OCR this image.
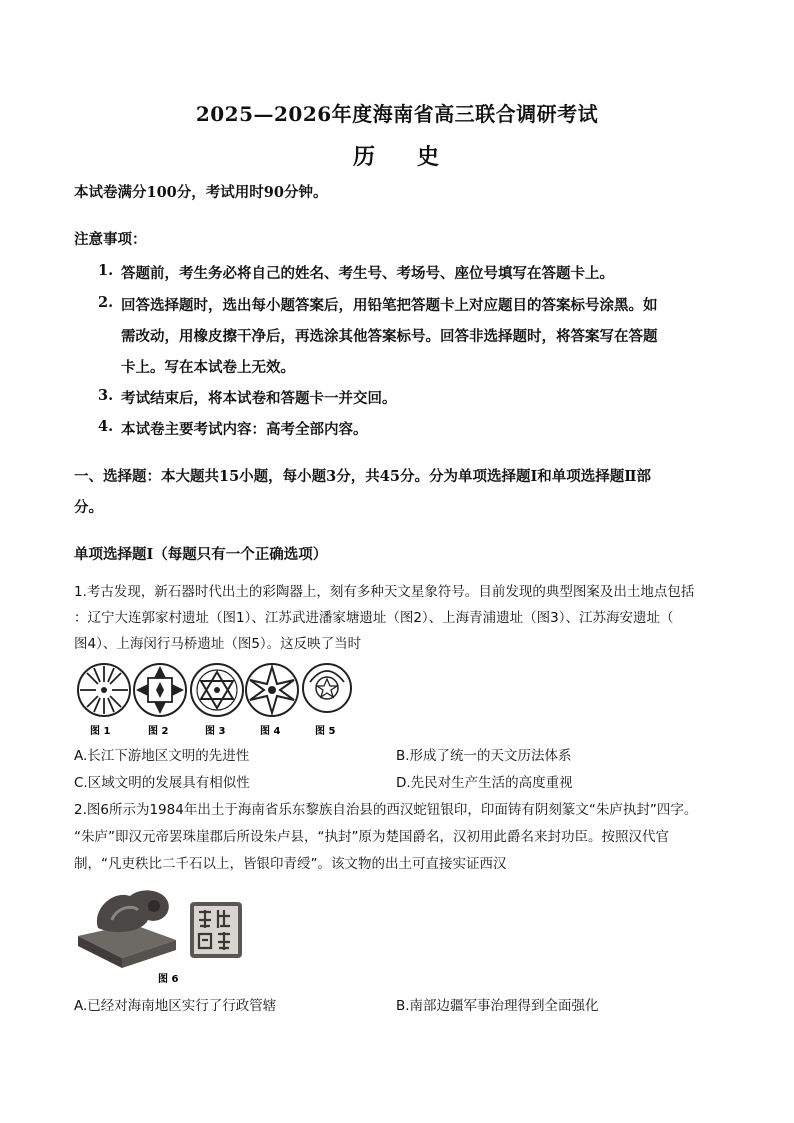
2025—2026年度海南省高三联合调研考试
历 史
本试卷满分100分，考试用时90分钟。
注意事项：
1. 答题前，考生务必将自己的姓名、考生号、考场号、座位号填写在答题卡上。
2. 回答选择题时，选出每小题答案后，用铅笔把答题卡上对应题目的答案标号涂黑。如
需改动，用橡皮擦干净后，再选涂其他答案标号。回答非选择题时，将答案写在答题
卡上。写在本试卷上无效。
3. 考试结束后，将本试卷和答题卡一并交回。
4. 本试卷主要考试内容：高考全部内容。
一、选择题：本大题共15小题，每小题3分，共45分。分为单项选择题Ⅰ和单项选择题Ⅱ部
分。
单项选择题Ⅰ（每题只有一个正确选项）
1.考古发现，新石器时代出土的彩陶器上，刻有多种天文星象符号。目前发现的典型图案及出土地点包括
：辽宁大连郭家村遗址（图1）、江苏武进潘家塘遗址（图2）、上海青浦遗址（图3）、江苏海安遗址（
图4）、上海闵行马桥遗址（图5）。这反映了当时
图 1	图 2	图 3	图 4	图 5
A.长江下游地区文明的先进性	B.形成了统一的天文历法体系
C.区域文明的发展具有相似性	D.先民对生产生活的高度重视
2.图6所示为1984年出土于海南省乐东黎族自治县的西汉蛇钮银印，印面铸有阴刻篆文“朱庐执封”四字。
“朱庐”即汉元帝罢珠崖郡后所设朱卢县，“执封”原为楚国爵名，汉初用此爵名来封功臣。按照汉代官
制，“凡吏秩比二千石以上，皆银印青绶”。该文物的出土可直接实证西汉
图 6
A.已经对海南地区实行了行政管辖	B.南部边疆军事治理得到全面强化
